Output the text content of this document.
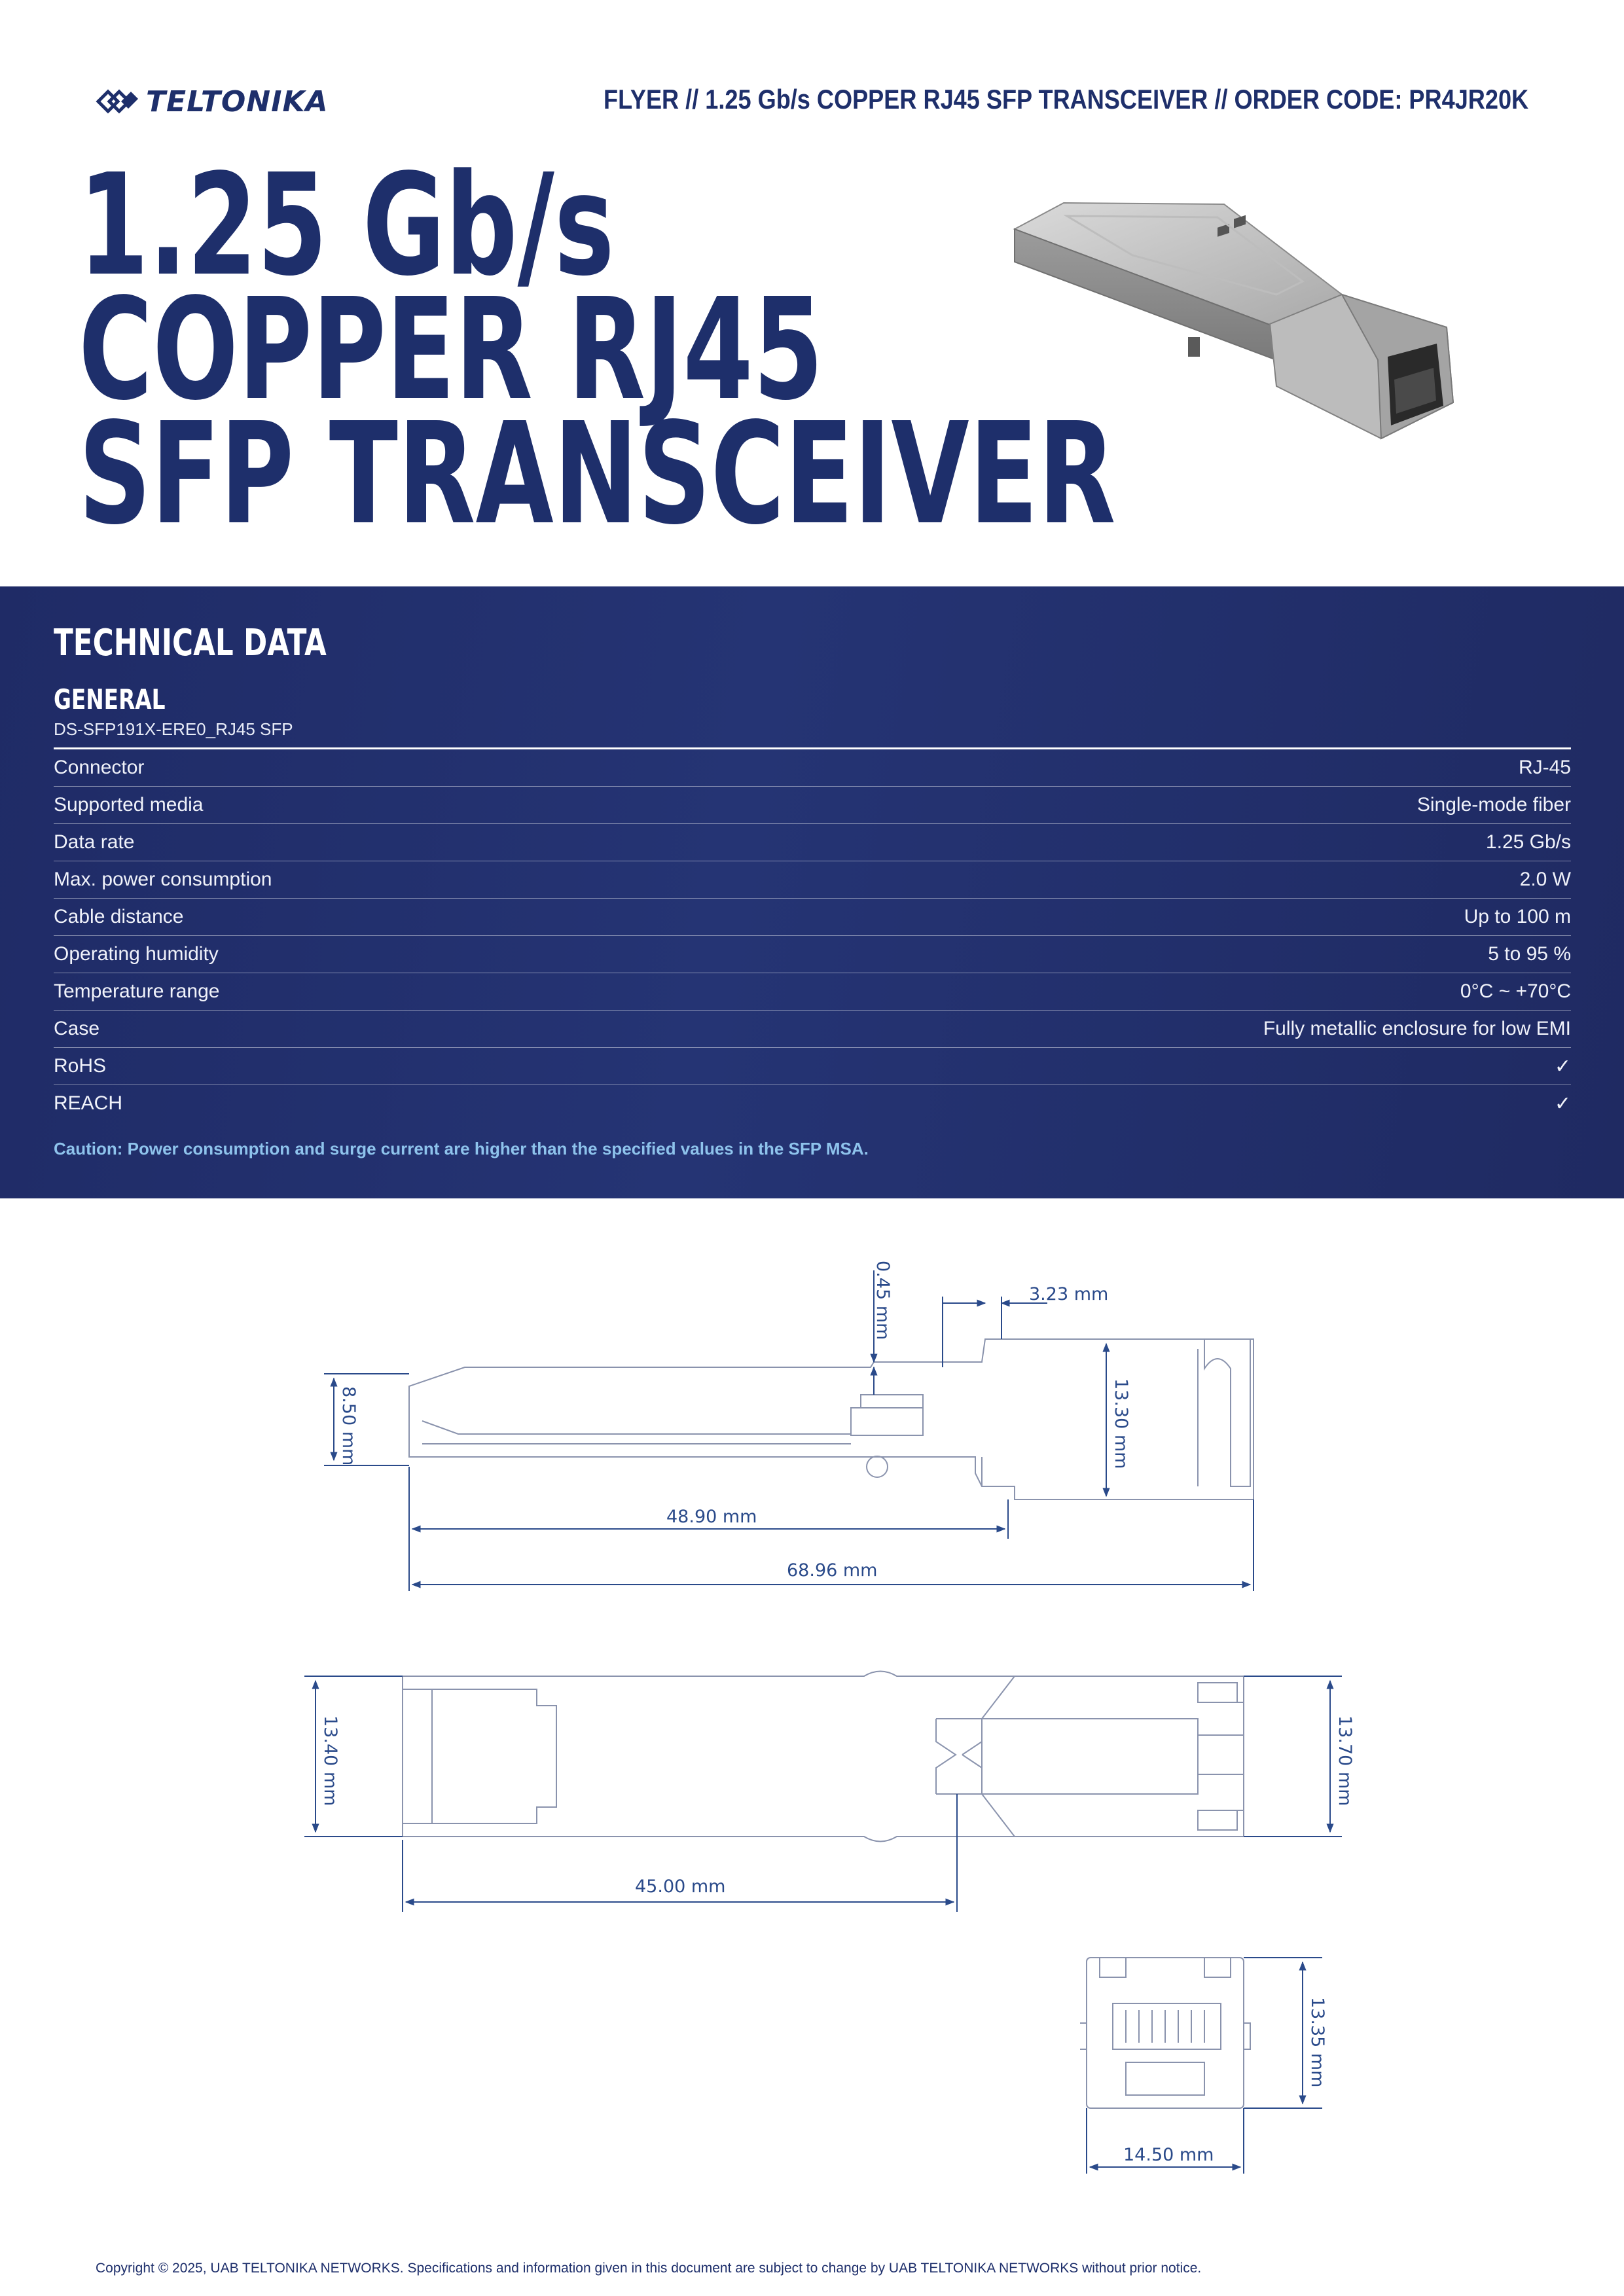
TELTONIKA	FLYER // 1.25 Gb/s COPPER RJ45 SFP TRANSCEIVER // ORDER CODE: PR4JR20K
1.25 Gb/s
COPPER RJ45
SFP TRANSCEIVER
TECHNICAL DATA
GENERAL
DS-SFP191X-ERE0_RJ45 SFP
Connector	RJ-45
Supported media	Single-mode fiber
Data rate	1.25 Gb/s
Max. power consumption	2.0 W
Cable distance	Up to 100 m
Operating humidity	5 to 95 %
Temperature range	0°C ~ +70°C
Case	Fully metallic enclosure for low EMI
RoHS	✓
REACH	✓
Caution: Power consumption and surge current are higher than the specified values in the SFP MSA.
0.45 mm	3.23 mm
8.50 mm	13.30 mm
48.90 mm
68.96 mm
13.40 mm	13.70 mm
45.00 mm
13.35 mm
14.50 mm
Copyright © 2025, UAB TELTONIKA NETWORKS. Specifications and information given in this document are subject to change by UAB TELTONIKA NETWORKS without prior notice.
